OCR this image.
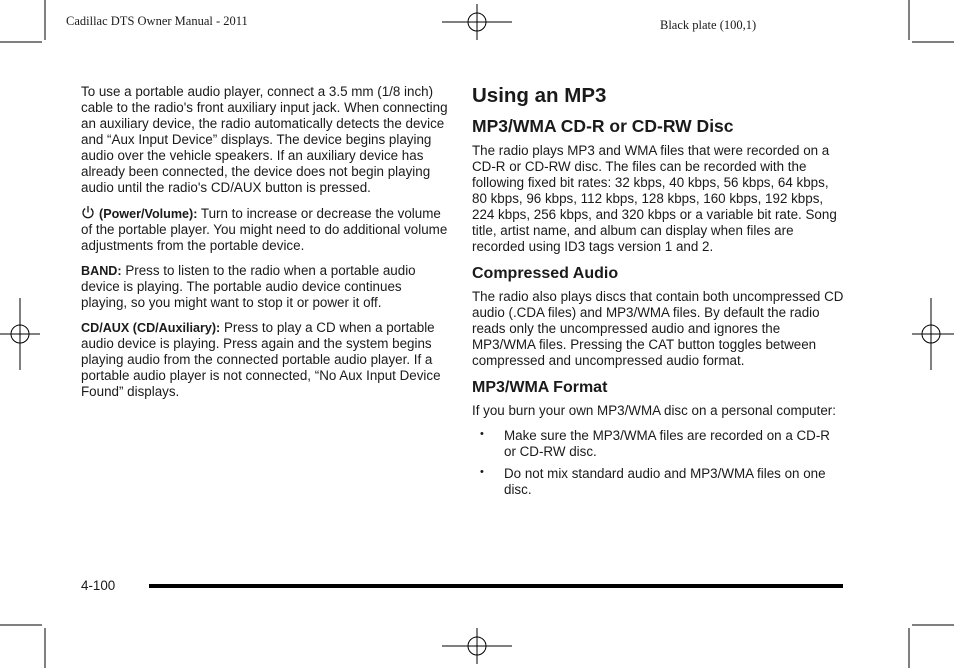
Cadillac DTS Owner Manual - 2011	Black plate (100,1)

To use a portable audio player, connect a 3.5 mm (1/8 inch) cable to the radio's front auxiliary input jack. When connecting an auxiliary device, the radio automatically detects the device and “Aux Input Device” displays. The device begins playing audio over the vehicle speakers. If an auxiliary device has already been connected, the device does not begin playing audio until the radio's CD/AUX button is pressed.

(Power/Volume): Turn to increase or decrease the volume of the portable player. You might need to do additional volume adjustments from the portable device.

BAND: Press to listen to the radio when a portable audio device is playing. The portable audio device continues playing, so you might want to stop it or power it off.

CD/AUX (CD/Auxiliary): Press to play a CD when a portable audio device is playing. Press again and the system begins playing audio from the connected portable audio player. If a portable audio player is not connected, “No Aux Input Device Found” displays.

Using an MP3
MP3/WMA CD-R or CD-RW Disc

The radio plays MP3 and WMA files that were recorded on a CD-R or CD-RW disc. The files can be recorded with the following fixed bit rates: 32 kbps, 40 kbps, 56 kbps, 64 kbps, 80 kbps, 96 kbps, 112 kbps, 128 kbps, 160 kbps, 192 kbps, 224 kbps, 256 kbps, and 320 kbps or a variable bit rate. Song title, artist name, and album can display when files are recorded using ID3 tags version 1 and 2.

Compressed Audio

The radio also plays discs that contain both uncompressed CD audio (.CDA files) and MP3/WMA files. By default the radio reads only the uncompressed audio and ignores the MP3/WMA files. Pressing the CAT button toggles between compressed and uncompressed audio format.

MP3/WMA Format

If you burn your own MP3/WMA disc on a personal computer:

• Make sure the MP3/WMA files are recorded on a CD-R or CD-RW disc.
• Do not mix standard audio and MP3/WMA files on one disc.
4-100
